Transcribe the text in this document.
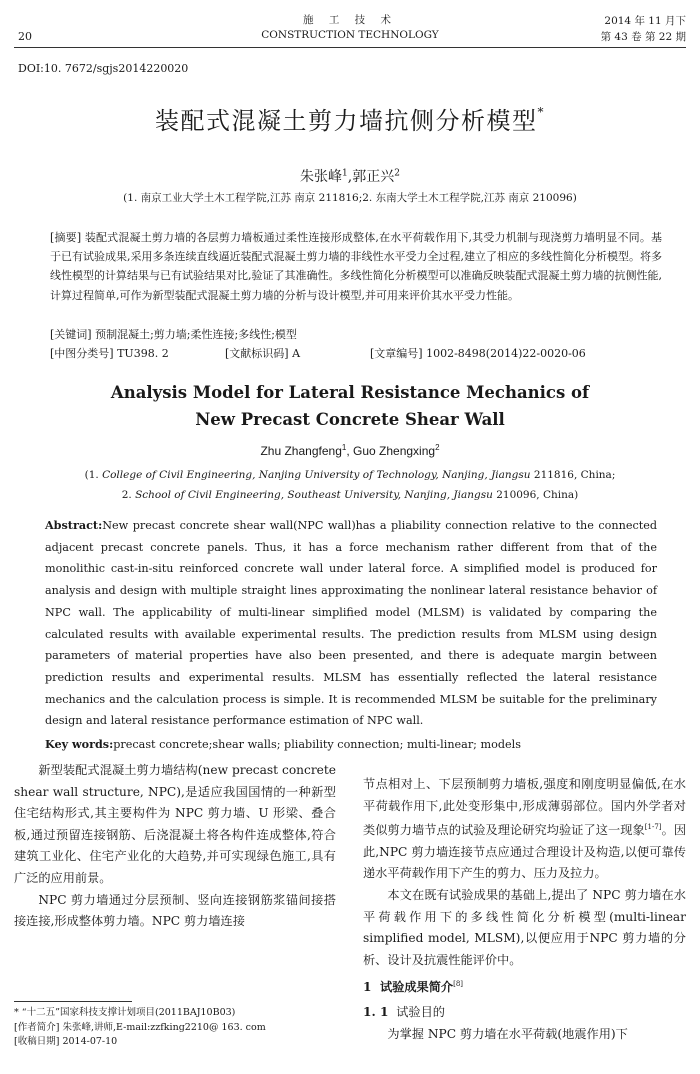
20
施 工 技 术
CONSTRUCTION TECHNOLOGY
2014 年 11 月下
第 43 卷 第 22 期
DOI:10. 7672/sgjs2014220020
装配式混凝土剪力墙抗侧分析模型*
朱张峰$^1$,郭正兴$^2$
(1. 南京工业大学土木工程学院,江苏 南京 211816;2. 东南大学土木工程学院,江苏 南京 210096)
[摘要] 装配式混凝土剪力墙的各层剪力墙板通过柔性连接形成整体,在水平荷载作用下,其受力机制与现浇剪力墙明显不同。基于已有试验成果,采用多条连续直线逼近装配式混凝土剪力墙的非线性水平受力全过程,建立了相应的多线性简化分析模型。将多线性模型的计算结果与已有试验结果对比,验证了其准确性。多线性简化分析模型可以准确反映装配式混凝土剪力墙的抗侧性能,计算过程简单,可作为新型装配式混凝土剪力墙的分析与设计模型,并可用来评价其水平受力性能。
[关键词] 预制混凝土;剪力墙;柔性连接;多线性;模型
[中图分类号] TU398. 2	[文献标识码] A	[文章编号] 1002-8498(2014)22-0020-06
Analysis Model for Lateral Resistance Mechanics of
New Precast Concrete Shear Wall
Zhu Zhangfeng$^1$, Guo Zhengxing$^2$
(1. College of Civil Engineering, Nanjing University of Technology, Nanjing, Jiangsu 211816, China;
2. School of Civil Engineering, Southeast University, Nanjing, Jiangsu 210096, China)
Abstract:New precast concrete shear wall(NPC wall)has a pliability connection relative to the connected adjacent precast concrete panels. Thus, it has a force mechanism rather different from that of the monolithic cast-in-situ reinforced concrete wall under lateral force. A simplified model is produced for analysis and design with multiple straight lines approximating the nonlinear lateral resistance behavior of NPC wall. The applicability of multi-linear simplified model (MLSM) is validated by comparing the calculated results with available experimental results. The prediction results from MLSM using design parameters of material properties have also been presented, and there is adequate margin between prediction results and experimental results. MLSM has essentially reflected the lateral resistance mechanics and the calculation process is simple. It is recommended MLSM be suitable for the preliminary design and lateral resistance performance estimation of NPC wall.
Key words:precast concrete;shear walls; pliability connection; multi-linear; models

新型装配式混凝土剪力墙结构(new precast concrete shear wall structure, NPC),是适应我国国情的一种新型住宅结构形式,其主要构件为 NPC 剪力墙、U 形梁、叠合板,通过预留连接钢筋、后浇混凝土将各构件连成整体,符合建筑工业化、住宅产业化的大趋势,并可实现绿色施工,具有广泛的应用前景。

NPC 剪力墙通过分层预制、竖向连接钢筋浆锚间接搭接连接,形成整体剪力墙。NPC 剪力墙连接

节点相对上、下层预制剪力墙板,强度和刚度明显偏低,在水平荷载作用下,此处变形集中,形成薄弱部位。国内外学者对类似剪力墙节点的试验及理论研究均验证了这一现象[1-7]。因此,NPC 剪力墙连接节点应通过合理设计及构造,以便可靠传递水平荷载作用下产生的剪力、压力及拉力。

本文在既有试验成果的基础上,提出了 NPC 剪力墙在水平荷载作用下的多线性简化分析模型(multi-linear simplified model, MLSM),以便应用于NPC 剪力墙的分析、设计及抗震性能评价中。

1 试验成果简介[8]

1. 1 试验目的

为掌握 NPC 剪力墙在水平荷载(地震作用)下

* “十二五”国家科技支撑计划项目(2011BAJ10B03)
[作者简介] 朱张峰,讲师,E-mail:zzfking2210@ 163. com
[收稿日期] 2014-07-10
